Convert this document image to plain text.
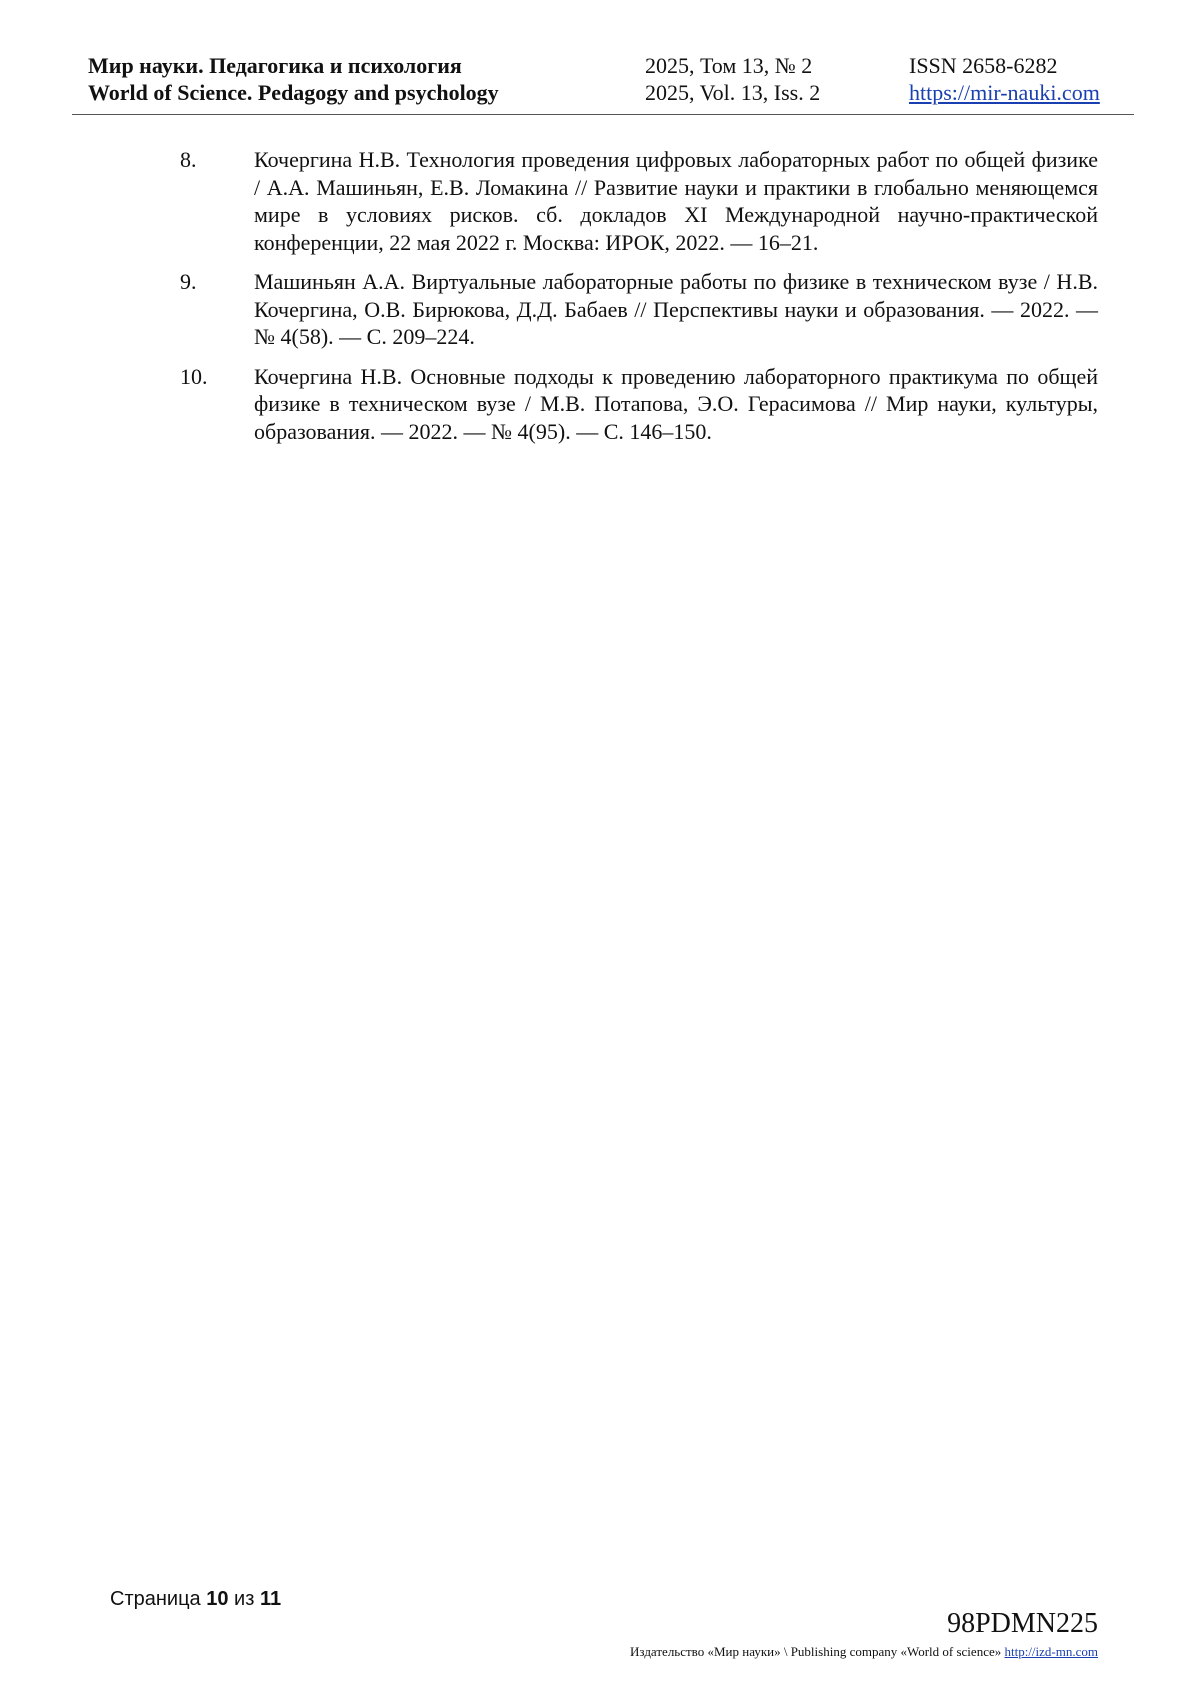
Мир науки. Педагогика и психология
World of Science. Pedagogy and psychology
2025, Том 13, № 2
2025, Vol. 13, Iss. 2
ISSN 2658-6282
https://mir-nauki.com
8.	Кочергина Н.В. Технология проведения цифровых лабораторных работ по общей физике / А.А. Машиньян, Е.В. Ломакина // Развитие науки и практики в глобально меняющемся мире в условиях рисков. сб. докладов XI Международной научно-практической конференции, 22 мая 2022 г. Москва: ИРОК, 2022. — 16–21.
9.	Машиньян А.А. Виртуальные лабораторные работы по физике в техническом вузе / Н.В. Кочергина, О.В. Бирюкова, Д.Д. Бабаев // Перспективы науки и образования. — 2022. — № 4(58). — С. 209–224.
10. Кочергина Н.В. Основные подходы к проведению лабораторного практикума по общей физике в техническом вузе / М.В. Потапова, Э.О. Герасимова // Мир науки, культуры, образования. — 2022. — № 4(95). — С. 146–150.
Страница 10 из 11
98PDMN225
Издательство «Мир науки» \ Publishing company «World of science» http://izd-mn.com
